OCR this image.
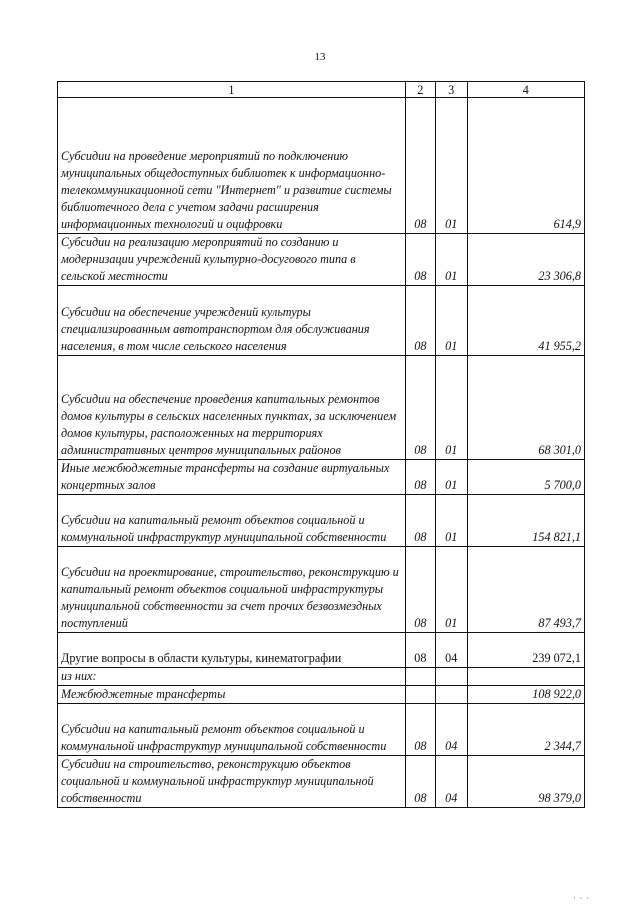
13
1	2	3	4
Субсидии на проведение мероприятий по подключению муниципальных общедоступных библиотек к информационно-телекоммуникационной сети "Интернет" и развитие системы библиотечного дела с учетом задачи расширения информационных технологий и оцифровки	08	01	614,9
Субсидии на реализацию мероприятий по созданию и модернизации учреждений культурно-досугового типа в сельской местности	08	01	23 306,8
Субсидии на обеспечение учреждений культуры специализированным автотранспортом для обслуживания населения, в том числе сельского населения	08	01	41 955,2
Субсидии на обеспечение проведения капитальных ремонтов домов культуры в сельских населенных пунктах, за исключением домов культуры, расположенных на территориях административных центров муниципальных районов	08	01	68 301,0
Иные межбюджетные трансферты на создание виртуальных концертных залов	08	01	5 700,0
Субсидии на капитальный ремонт объектов социальной и коммунальной инфраструктур муниципальной собственности	08	01	154 821,1
Субсидии на проектирование, строительство, реконструкцию и капитальный ремонт объектов социальной инфраструктуры муниципальной собственности за счет прочих безвозмездных поступлений	08	01	87 493,7
Другие вопросы в области культуры, кинематографии	08	04	239 072,1
из них:			
Межбюджетные трансферты			108 922,0
Субсидии на капитальный ремонт объектов социальной и коммунальной инфраструктур муниципальной собственности	08	04	2 344,7
Субсидии на строительство, реконструкцию объектов социальной и коммунальной инфраструктур муниципальной собственности	08	04	98 379,0
· · ·
